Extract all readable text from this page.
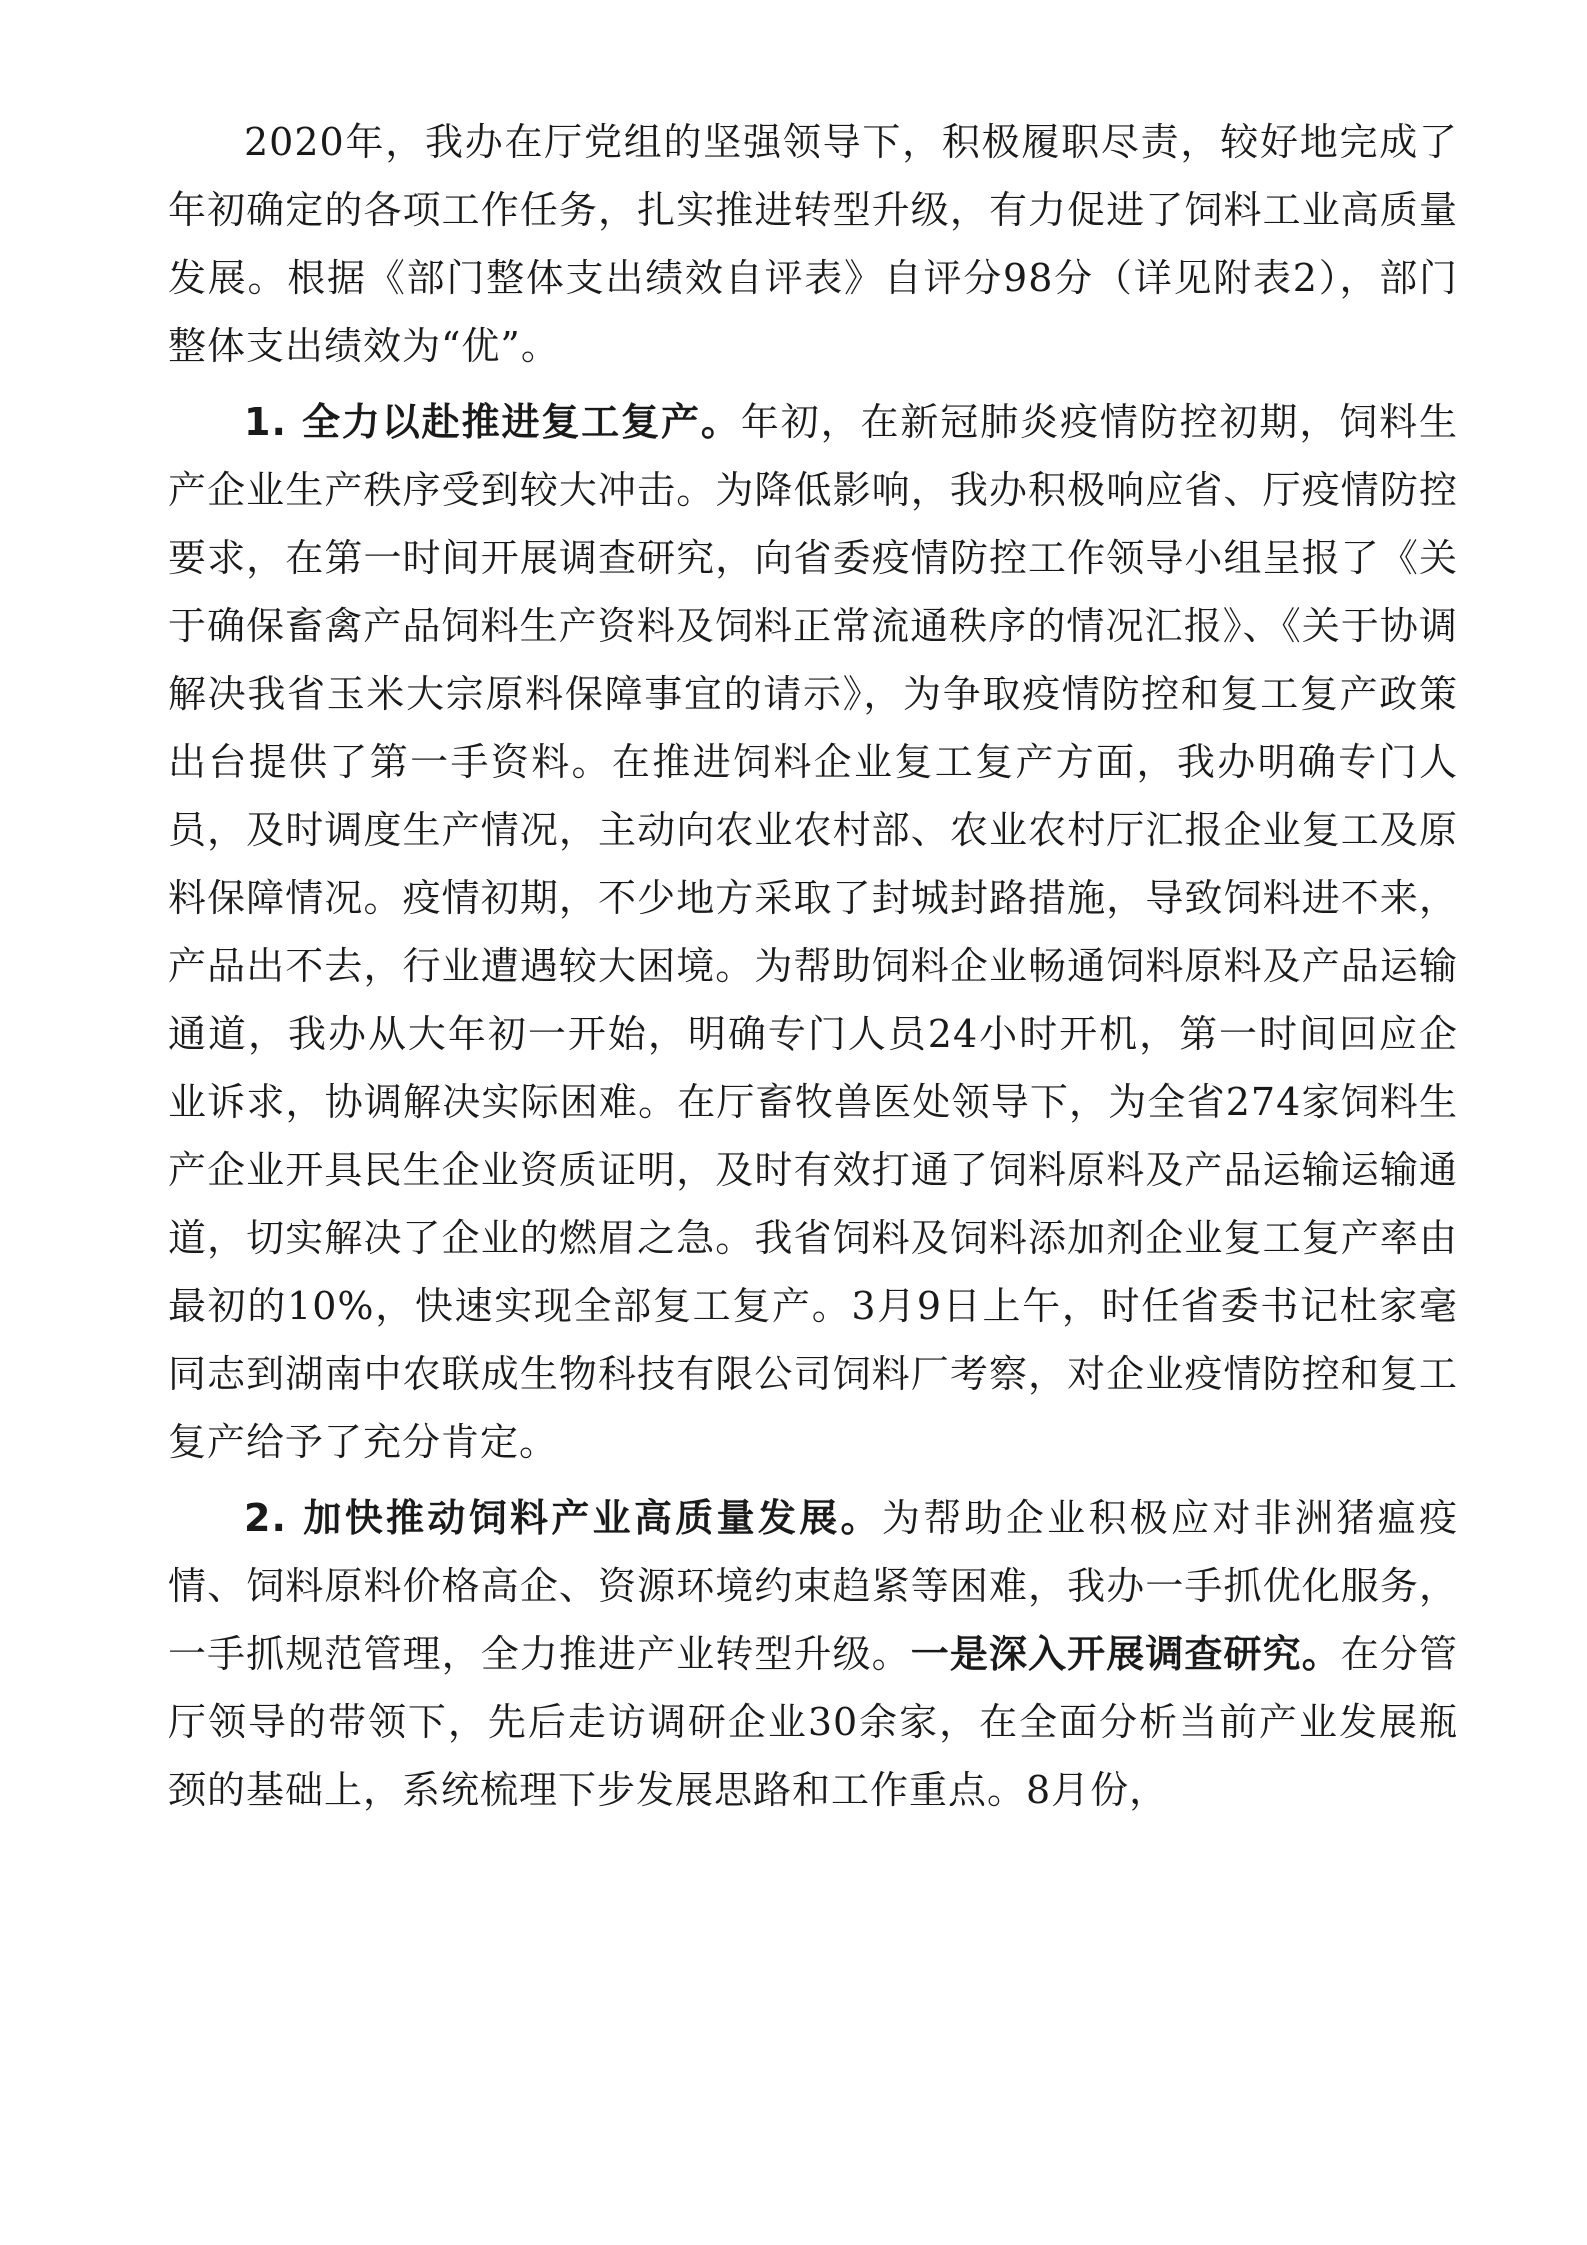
2020年，我办在厅党组的坚强领导下，积极履职尽责，较好地完成了年初确定的各项工作任务，扎实推进转型升级，有力促进了饲料工业高质量发展。根据《部门整体支出绩效自评表》自评分98分（详见附表2），部门整体支出绩效为“优”。

1. 全力以赴推进复工复产。年初，在新冠肺炎疫情防控初期，饲料生产企业生产秩序受到较大冲击。为降低影响，我办积极响应省、厅疫情防控要求，在第一时间开展调查研究，向省委疫情防控工作领导小组呈报了《关于确保畜禽产品饲料生产资料及饲料正常流通秩序的情况汇报》、《关于协调解决我省玉米大宗原料保障事宜的请示》，为争取疫情防控和复工复产政策出台提供了第一手资料。在推进饲料企业复工复产方面，我办明确专门人员，及时调度生产情况，主动向农业农村部、农业农村厅汇报企业复工及原料保障情况。疫情初期，不少地方采取了封城封路措施，导致饲料进不来，产品出不去，行业遭遇较大困境。为帮助饲料企业畅通饲料原料及产品运输通道，我办从大年初一开始，明确专门人员24小时开机，第一时间回应企业诉求，协调解决实际困难。在厅畜牧兽医处领导下，为全省274家饲料生产企业开具民生企业资质证明，及时有效打通了饲料原料及产品运输运输通道，切实解决了企业的燃眉之急。我省饲料及饲料添加剂企业复工复产率由最初的10%，快速实现全部复工复产。3月9日上午，时任省委书记杜家毫同志到湖南中农联成生物科技有限公司饲料厂考察，对企业疫情防控和复工复产给予了充分肯定。

2. 加快推动饲料产业高质量发展。为帮助企业积极应对非洲猪瘟疫情、饲料原料价格高企、资源环境约束趋紧等困难，我办一手抓优化服务，一手抓规范管理，全力推进产业转型升级。一是深入开展调查研究。在分管厅领导的带领下，先后走访调研企业30余家，在全面分析当前产业发展瓶颈的基础上，系统梳理下步发展思路和工作重点。8月份，
